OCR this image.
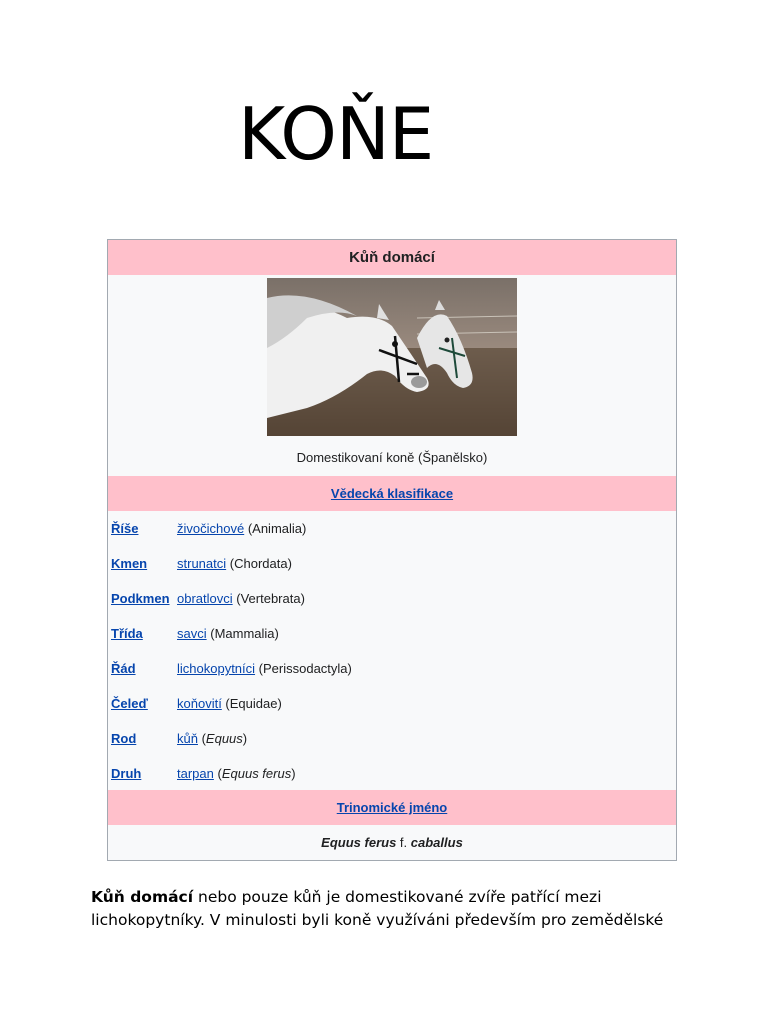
KOŇE
Kůň domácí
Domestikovaní koně (Španělsko)
Vědecká klasifikace
Říše	živočichové (Animalia)
Kmen strunatci (Chordata)
Podkmen obratlovci (Vertebrata)
Třída	savci (Mammalia)
Řád	lichokopytníci (Perissodactyla)
Čeleď koňovití (Equidae)
Rod	kůň (Equus)
Druh	tarpan (Equus ferus)
Trinomické jméno
Equus ferus
f.
caballus
Kůň domácí nebo pouze kůň je domestikované zvíře patřící mezi
lichokopytníky. V minulosti byli koně využíváni především pro zemědělské
